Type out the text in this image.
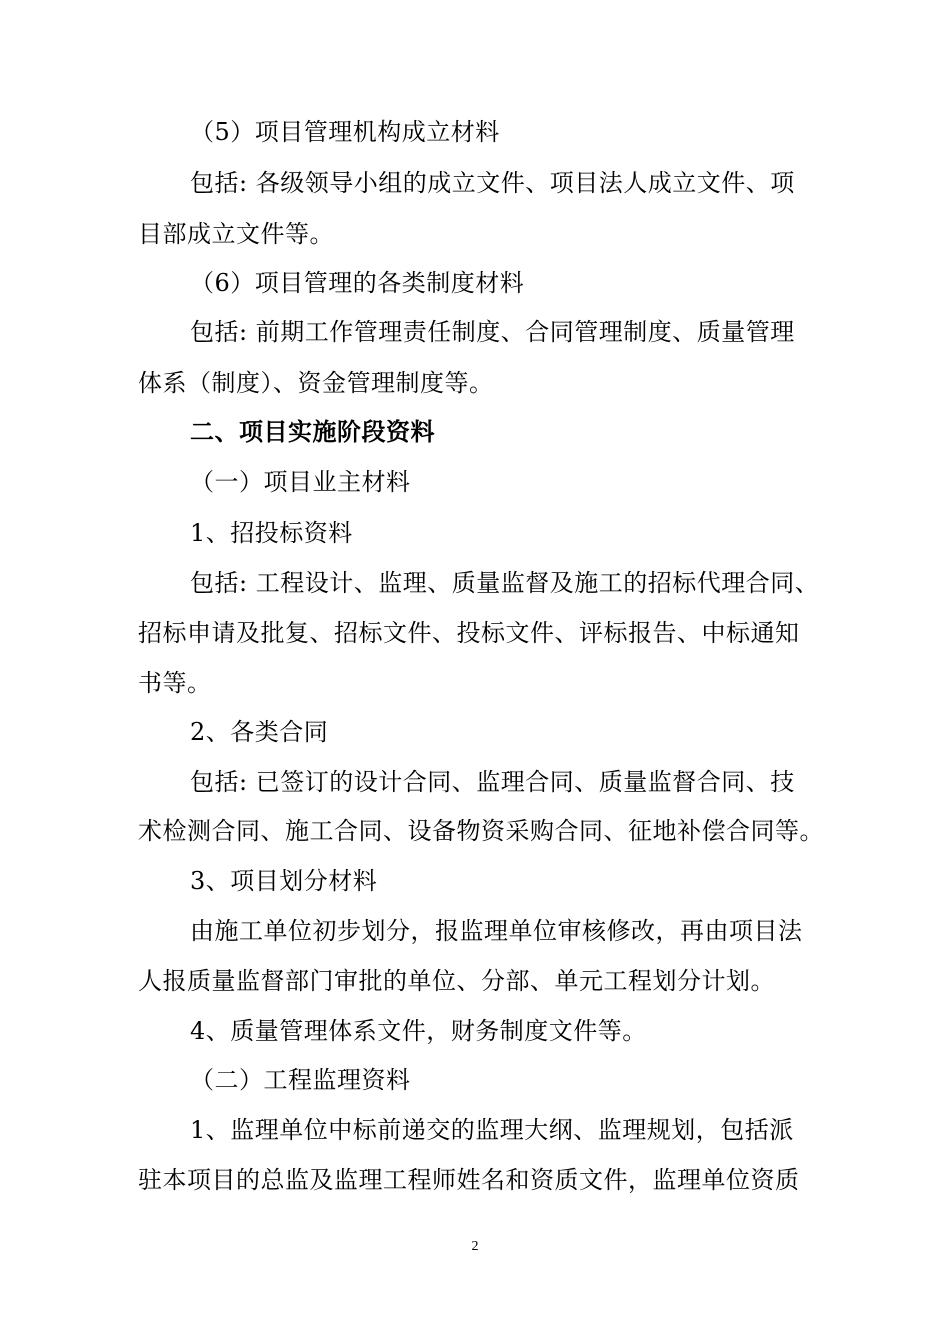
（5）项目管理机构成立材料
包括: 各级领导小组的成立文件、项目法人成立文件、项
目部成立文件等。
（6）项目管理的各类制度材料
包括: 前期工作管理责任制度、合同管理制度、质量管理
体系（制度）、资金管理制度等。
二、项目实施阶段资料
（一）项目业主材料
1、招投标资料
包括: 工程设计、监理、质量监督及施工的招标代理合同、
招标申请及批复、招标文件、投标文件、评标报告、中标通知
书等。
2、各类合同
包括: 已签订的设计合同、监理合同、质量监督合同、技
术检测合同、施工合同、设备物资采购合同、征地补偿合同等。
3、项目划分材料
由施工单位初步划分，报监理单位审核修改，再由项目法
人报质量监督部门审批的单位、分部、单元工程划分计划。
4、质量管理体系文件，财务制度文件等。
（二）工程监理资料
1、监理单位中标前递交的监理大纲、监理规划，包括派
驻本项目的总监及监理工程师姓名和资质文件，监理单位资质
2
